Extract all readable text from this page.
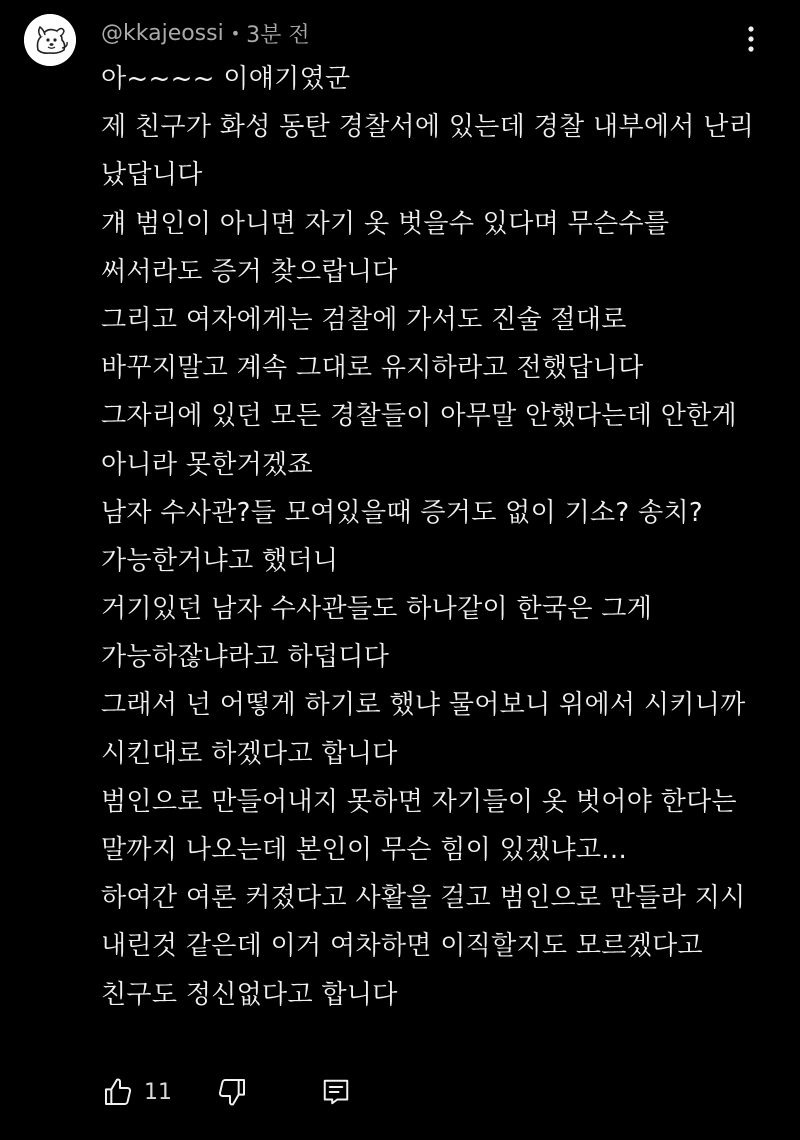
@kkajeossi • 3분 전
아~~~~ 이얘기였군
제 친구가 화성 동탄 경찰서에 있는데 경찰 내부에서 난리
났답니다
걔 범인이 아니면 자기 옷 벗을수 있다며 무슨수를
써서라도 증거 찾으랍니다
그리고 여자에게는 검찰에 가서도 진술 절대로
바꾸지말고 계속 그대로 유지하라고 전했답니다
그자리에 있던 모든 경찰들이 아무말 안했다는데 안한게
아니라 못한거겠죠
남자 수사관?들 모여있을때 증거도 없이 기소? 송치?
가능한거냐고 했더니
거기있던 남자 수사관들도 하나같이 한국은 그게
가능하잖냐라고 하덥디다
그래서 넌 어떻게 하기로 했냐 물어보니 위에서 시키니까
시킨대로 하겠다고 합니다
범인으로 만들어내지 못하면 자기들이 옷 벗어야 한다는
말까지 나오는데 본인이 무슨 힘이 있겠냐고...
하여간 여론 커졌다고 사활을 걸고 범인으로 만들라 지시
내린것 같은데 이거 여차하면 이직할지도 모르겠다고
친구도 정신없다고 합니다
11
